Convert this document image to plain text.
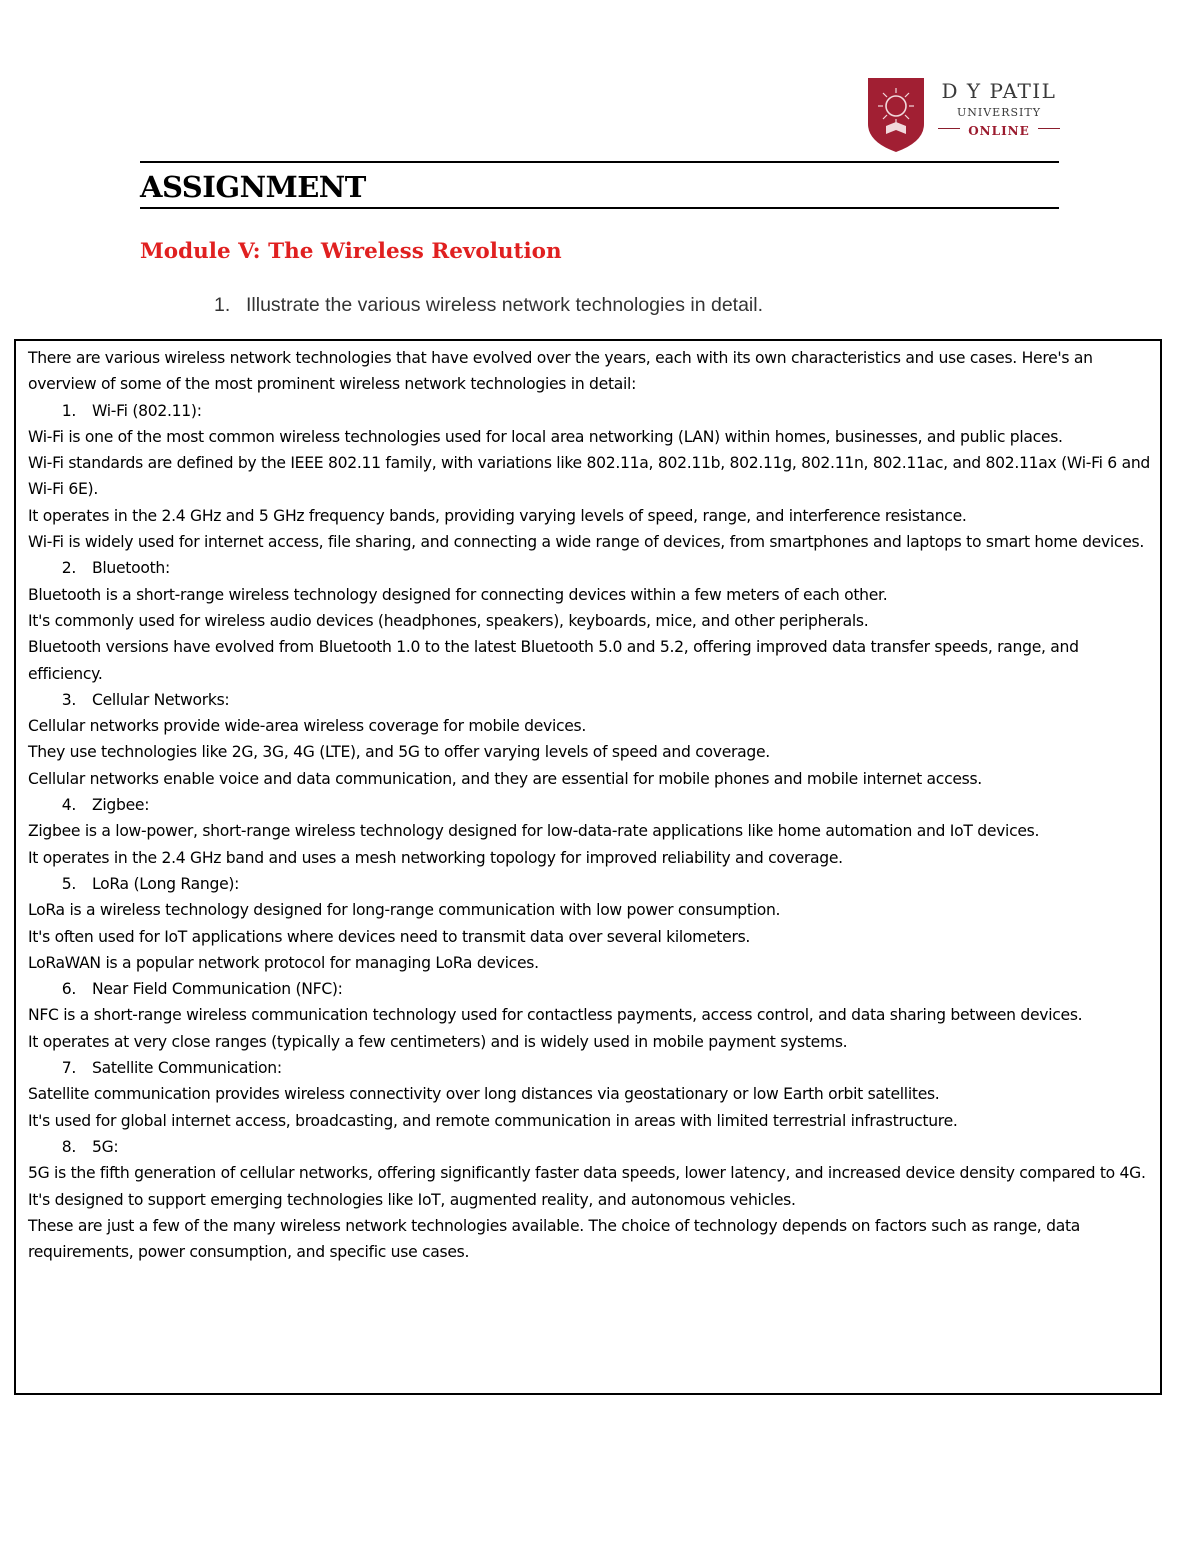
D Y PATIL
UNIVERSITY
ONLINE
ASSIGNMENT
Module V: The Wireless Revolution
1. Illustrate the various wireless network technologies in detail.

There are various wireless network technologies that have evolved over the years, each with its own characteristics and use cases. Here's an overview of some of the most prominent wireless network technologies in detail:

1. Wi-Fi (802.11):

Wi-Fi is one of the most common wireless technologies used for local area networking (LAN) within homes, businesses, and public places.

Wi-Fi standards are defined by the IEEE 802.11 family, with variations like 802.11a, 802.11b, 802.11g, 802.11n, 802.11ac, and 802.11ax (Wi-Fi 6 and Wi-Fi 6E).

It operates in the 2.4 GHz and 5 GHz frequency bands, providing varying levels of speed, range, and interference resistance.

Wi-Fi is widely used for internet access, file sharing, and connecting a wide range of devices, from smartphones and laptops to smart home devices.

2. Bluetooth:

Bluetooth is a short-range wireless technology designed for connecting devices within a few meters of each other.

It's commonly used for wireless audio devices (headphones, speakers), keyboards, mice, and other peripherals.

Bluetooth versions have evolved from Bluetooth 1.0 to the latest Bluetooth 5.0 and 5.2, offering improved data transfer speeds, range, and efficiency.

3. Cellular Networks:

Cellular networks provide wide-area wireless coverage for mobile devices.

They use technologies like 2G, 3G, 4G (LTE), and 5G to offer varying levels of speed and coverage.

Cellular networks enable voice and data communication, and they are essential for mobile phones and mobile internet access.

4. Zigbee:

Zigbee is a low-power, short-range wireless technology designed for low-data-rate applications like home automation and IoT devices.

It operates in the 2.4 GHz band and uses a mesh networking topology for improved reliability and coverage.

5. LoRa (Long Range):

LoRa is a wireless technology designed for long-range communication with low power consumption.

It's often used for IoT applications where devices need to transmit data over several kilometers.

LoRaWAN is a popular network protocol for managing LoRa devices.

6. Near Field Communication (NFC):

NFC is a short-range wireless communication technology used for contactless payments, access control, and data sharing between devices.

It operates at very close ranges (typically a few centimeters) and is widely used in mobile payment systems.

7. Satellite Communication:

Satellite communication provides wireless connectivity over long distances via geostationary or low Earth orbit satellites.

It's used for global internet access, broadcasting, and remote communication in areas with limited terrestrial infrastructure.

8. 5G:

5G is the fifth generation of cellular networks, offering significantly faster data speeds, lower latency, and increased device density compared to 4G.

It's designed to support emerging technologies like IoT, augmented reality, and autonomous vehicles.

These are just a few of the many wireless network technologies available. The choice of technology depends on factors such as range, data requirements, power consumption, and specific use cases.
